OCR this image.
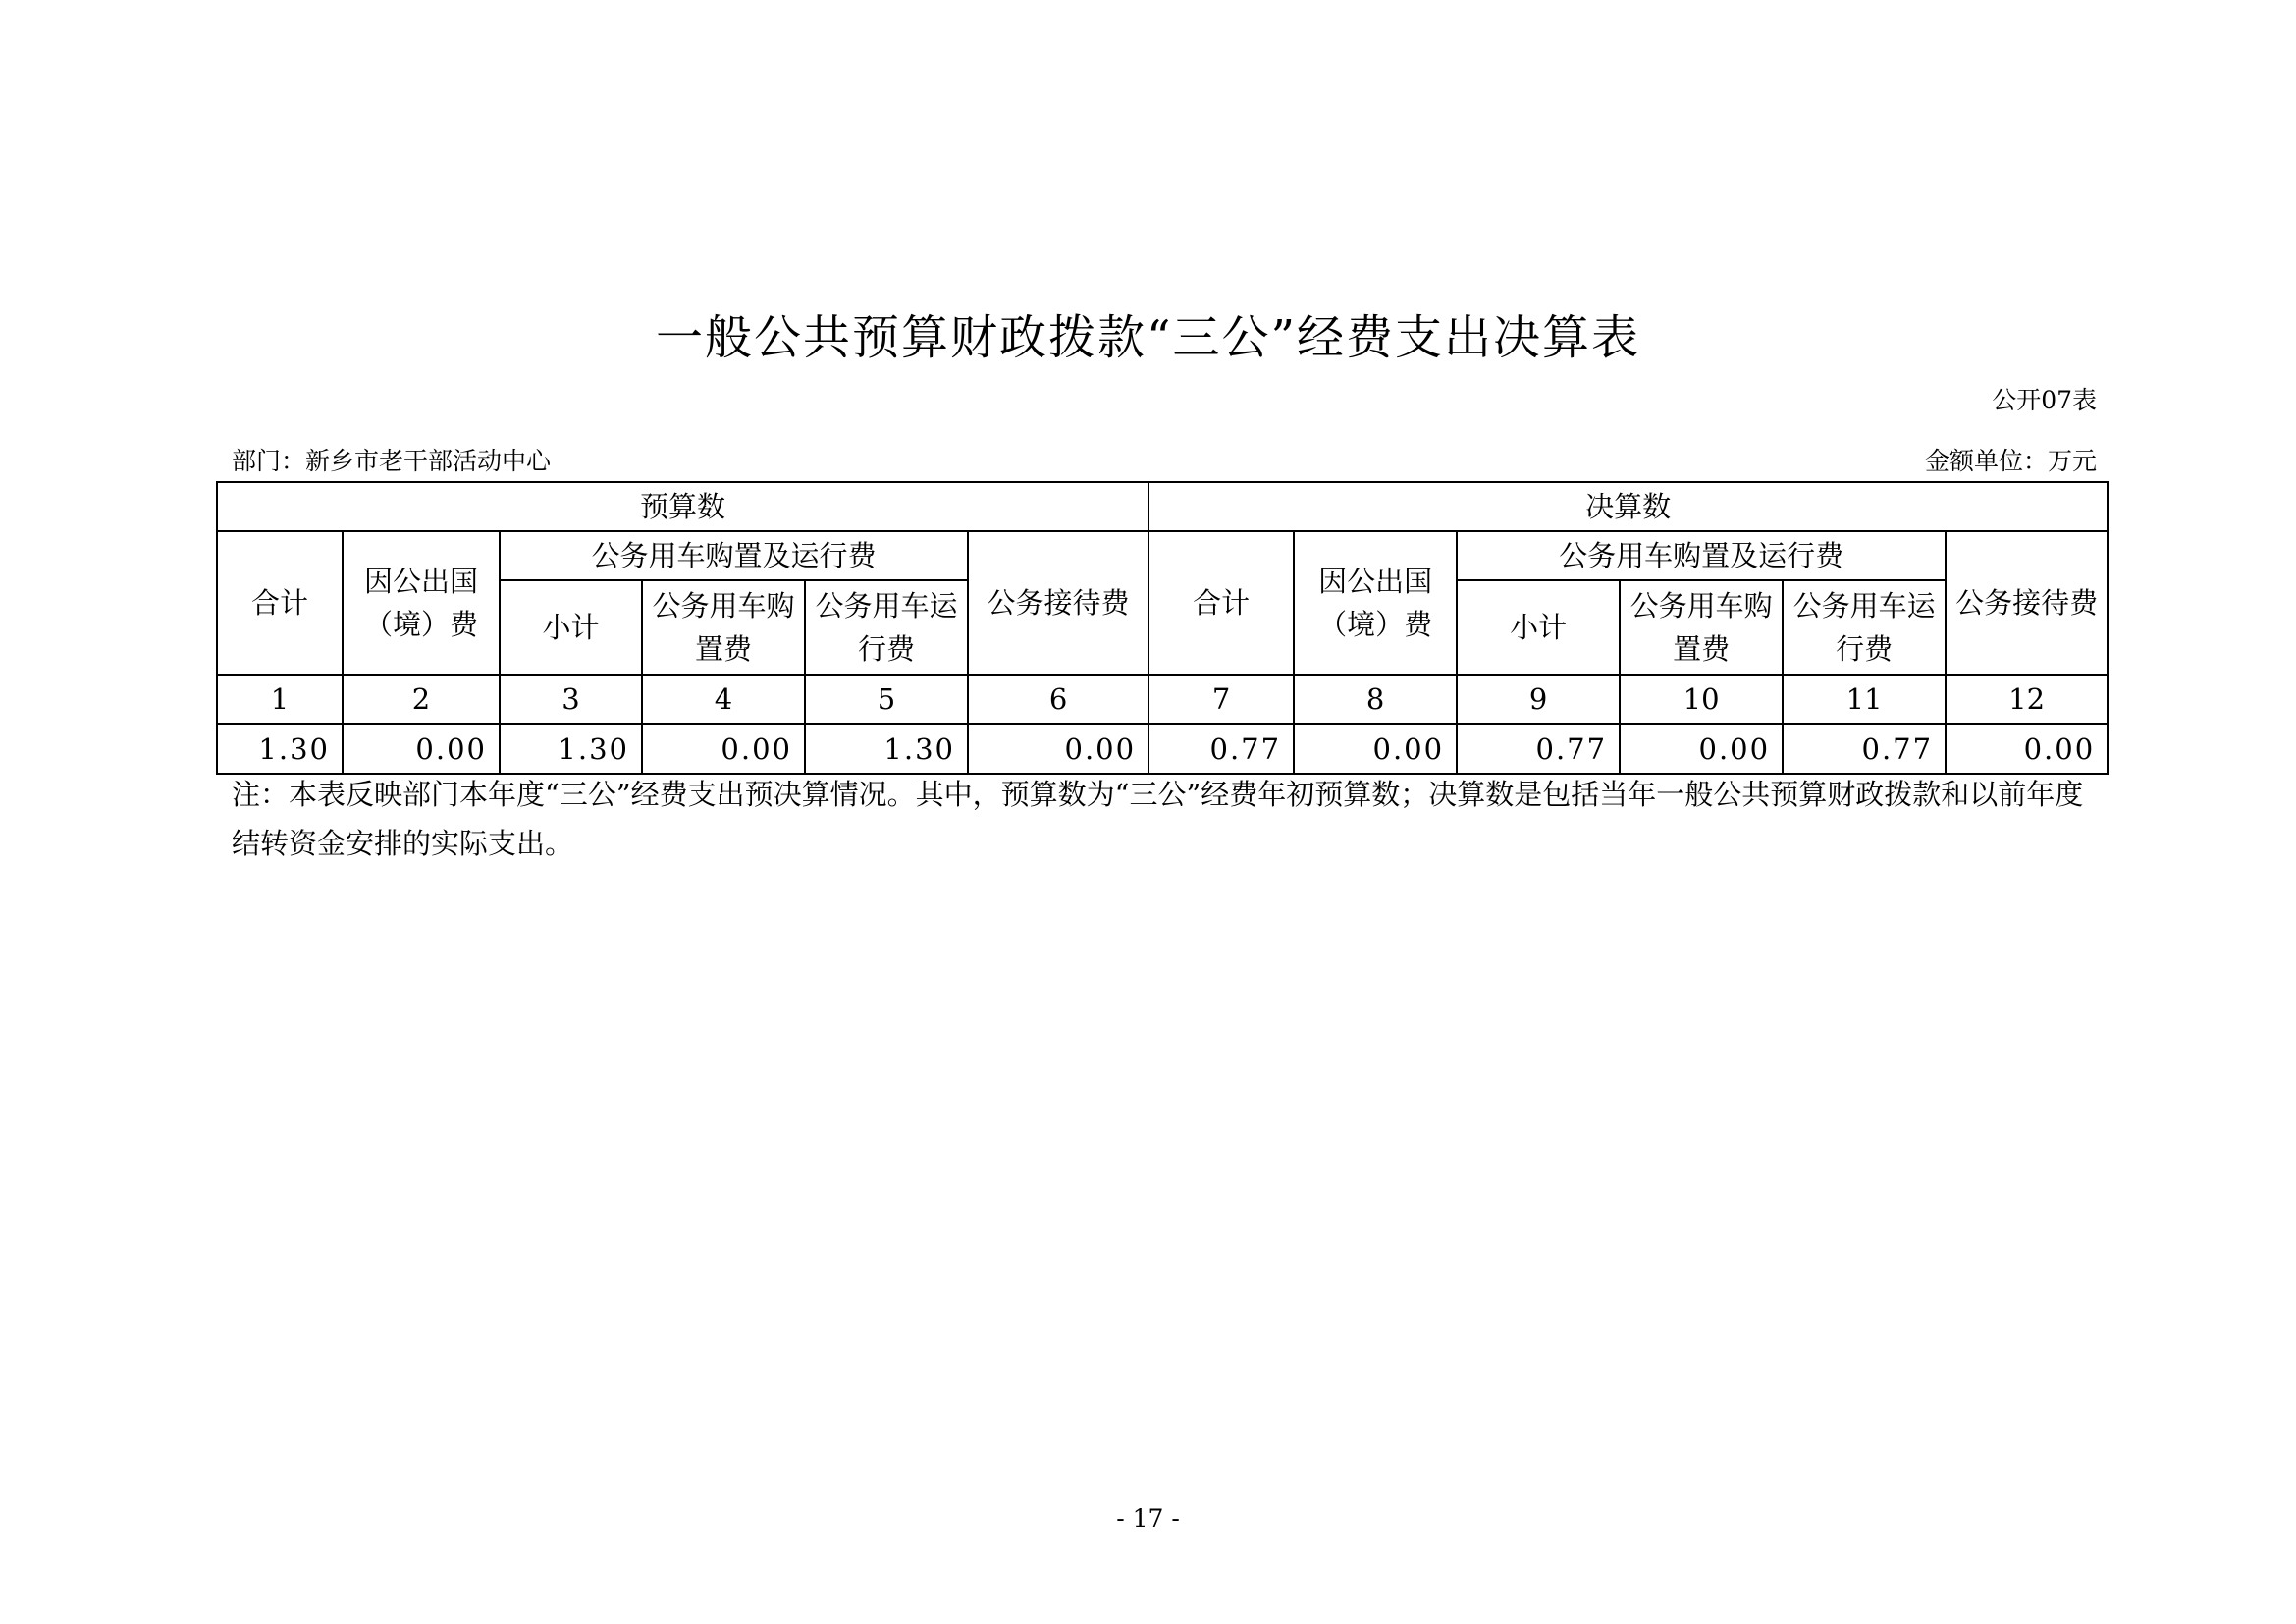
一般公共预算财政拨款“三公”经费支出决算表
公开07表
部门：新乡市老干部活动中心	金额单位：万元
预算数						决算数					
合计	因公出国（境）费	公务用车购置及运行费			公务接待费	合计	因公出国（境）费	公务用车购置及运行费			公务接待费
		小计	公务用车购置费	公务用车运行费				小计	公务用车购置费	公务用车运行费	
1	2	3	4	5	6	7	8	9	10	11	12
1.30	0.00	1.30	0.00	1.30	0.00	0.77	0.00	0.77	0.00	0.77	0.00
注：本表反映部门本年度“三公”经费支出预决算情况。其中，预算数为“三公”经费年初预算数；决算数是包括当年一般公共预算财政拨款和以前年度结转资金安排的实际支出。
- 17 -
